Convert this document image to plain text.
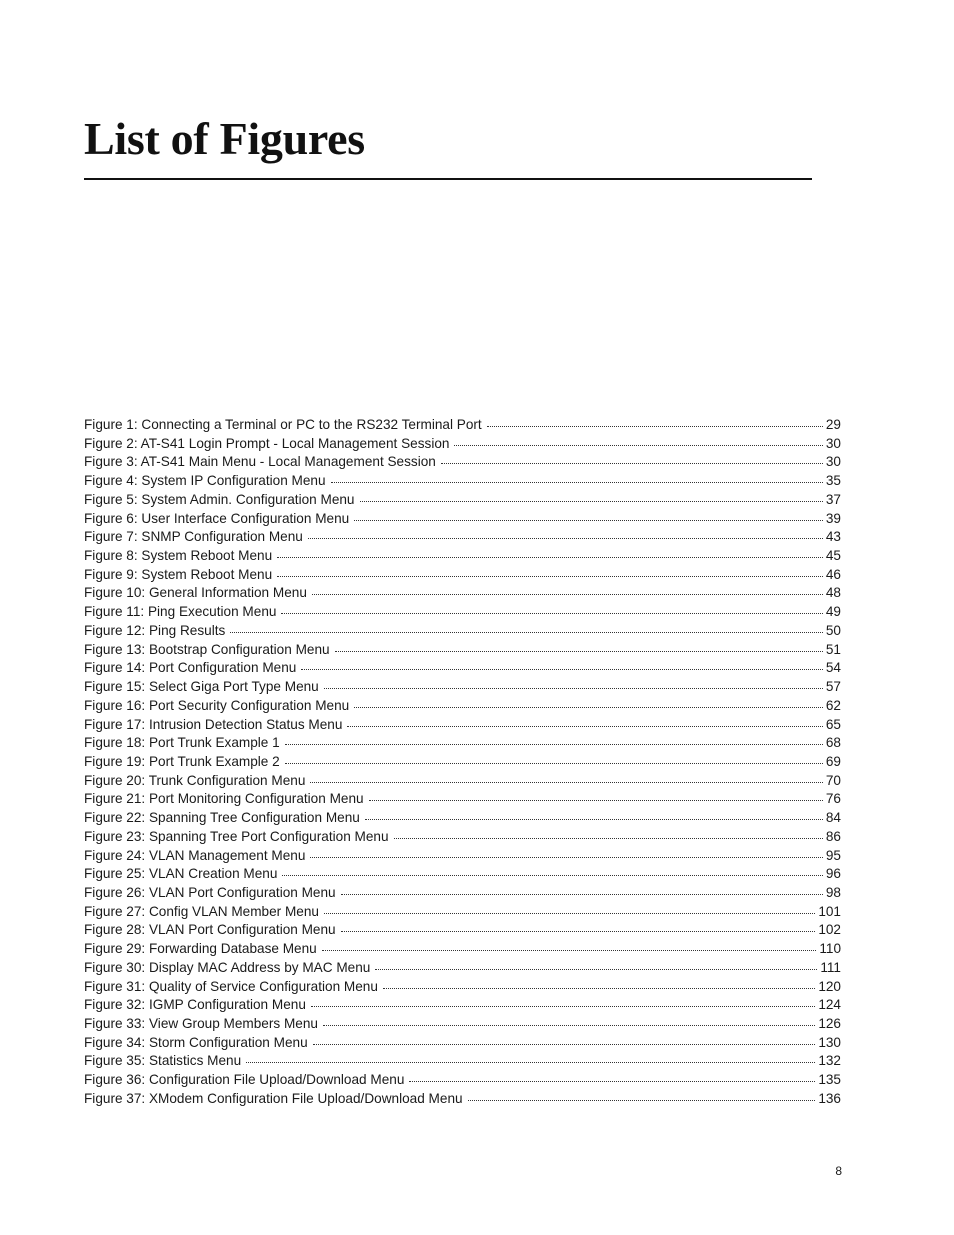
List of Figures
Figure 1: Connecting a Terminal or PC to the RS232 Terminal Port	29
Figure 2: AT-S41 Login Prompt - Local Management Session	30
Figure 3: AT-S41 Main Menu - Local Management Session	30
Figure 4: System IP Configuration Menu	35
Figure 5: System Admin. Configuration Menu	37
Figure 6: User Interface Configuration Menu	39
Figure 7: SNMP Configuration Menu	43
Figure 8: System Reboot Menu	45
Figure 9: System Reboot Menu	46
Figure 10: General Information Menu	48
Figure 11: Ping Execution Menu	49
Figure 12: Ping Results	50
Figure 13: Bootstrap Configuration Menu	51
Figure 14: Port Configuration Menu	54
Figure 15: Select Giga Port Type Menu	57
Figure 16: Port Security Configuration Menu	62
Figure 17: Intrusion Detection Status Menu	65
Figure 18: Port Trunk Example 1	68
Figure 19: Port Trunk Example 2	69
Figure 20: Trunk Configuration Menu	70
Figure 21: Port Monitoring Configuration Menu	76
Figure 22: Spanning Tree Configuration Menu	84
Figure 23: Spanning Tree Port Configuration Menu	86
Figure 24: VLAN Management Menu	95
Figure 25: VLAN Creation Menu	96
Figure 26: VLAN Port Configuration Menu	98
Figure 27: Config VLAN Member Menu	101
Figure 28: VLAN Port Configuration Menu	102
Figure 29: Forwarding Database Menu	110
Figure 30: Display MAC Address by MAC Menu	111
Figure 31: Quality of Service Configuration Menu	120
Figure 32: IGMP Configuration Menu	124
Figure 33: View Group Members Menu	126
Figure 34: Storm Configuration Menu	130
Figure 35: Statistics Menu	132
Figure 36: Configuration File Upload/Download Menu	135
Figure 37: XModem Configuration File Upload/Download Menu	136
8
